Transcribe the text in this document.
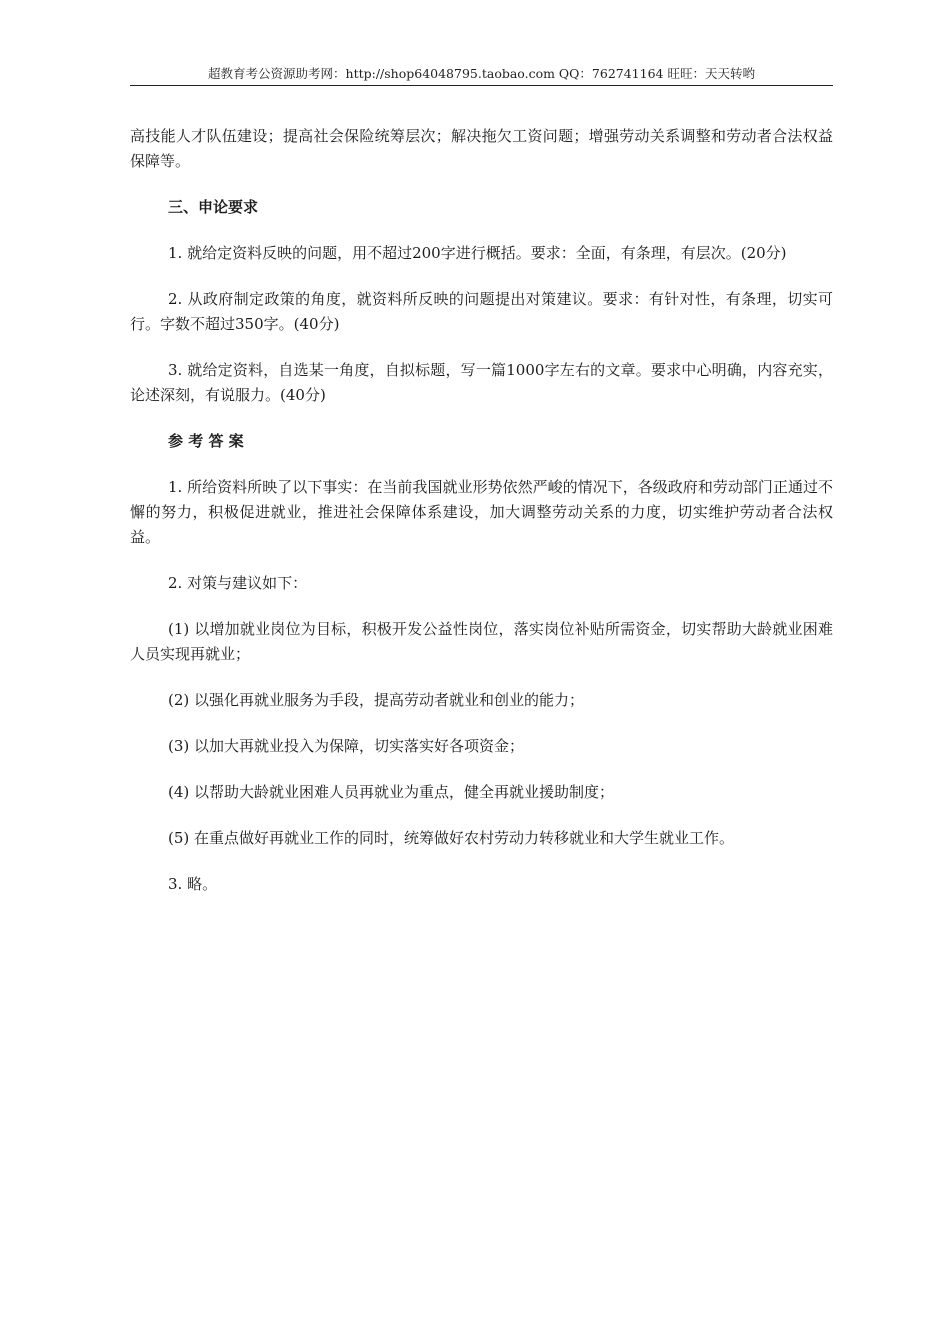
超教育考公资源助考网：http://shop64048795.taobao.com QQ：762741164 旺旺：天天转哟

高技能人才队伍建设；提高社会保险统筹层次；解决拖欠工资问题；增强劳动关系调整和劳动者合法权益保障等。

三、申论要求

1. 就给定资料反映的问题，用不超过200字进行概括。要求：全面，有条理，有层次。(20分)

2. 从政府制定政策的角度，就资料所反映的问题提出对策建议。要求：有针对性，有条理，切实可行。字数不超过350字。(40分)

3. 就给定资料，自选某一角度，自拟标题，写一篇1000字左右的文章。要求中心明确，内容充实，论述深刻，有说服力。(40分)

参 考 答 案

1. 所给资料所映了以下事实：在当前我国就业形势依然严峻的情况下，各级政府和劳动部门正通过不懈的努力，积极促进就业，推进社会保障体系建设，加大调整劳动关系的力度，切实维护劳动者合法权益。

2. 对策与建议如下：

(1) 以增加就业岗位为目标，积极开发公益性岗位，落实岗位补贴所需资金，切实帮助大龄就业困难人员实现再就业；

(2) 以强化再就业服务为手段，提高劳动者就业和创业的能力；

(3) 以加大再就业投入为保障，切实落实好各项资金；

(4) 以帮助大龄就业困难人员再就业为重点，健全再就业援助制度；

(5) 在重点做好再就业工作的同时，统筹做好农村劳动力转移就业和大学生就业工作。

3. 略。
